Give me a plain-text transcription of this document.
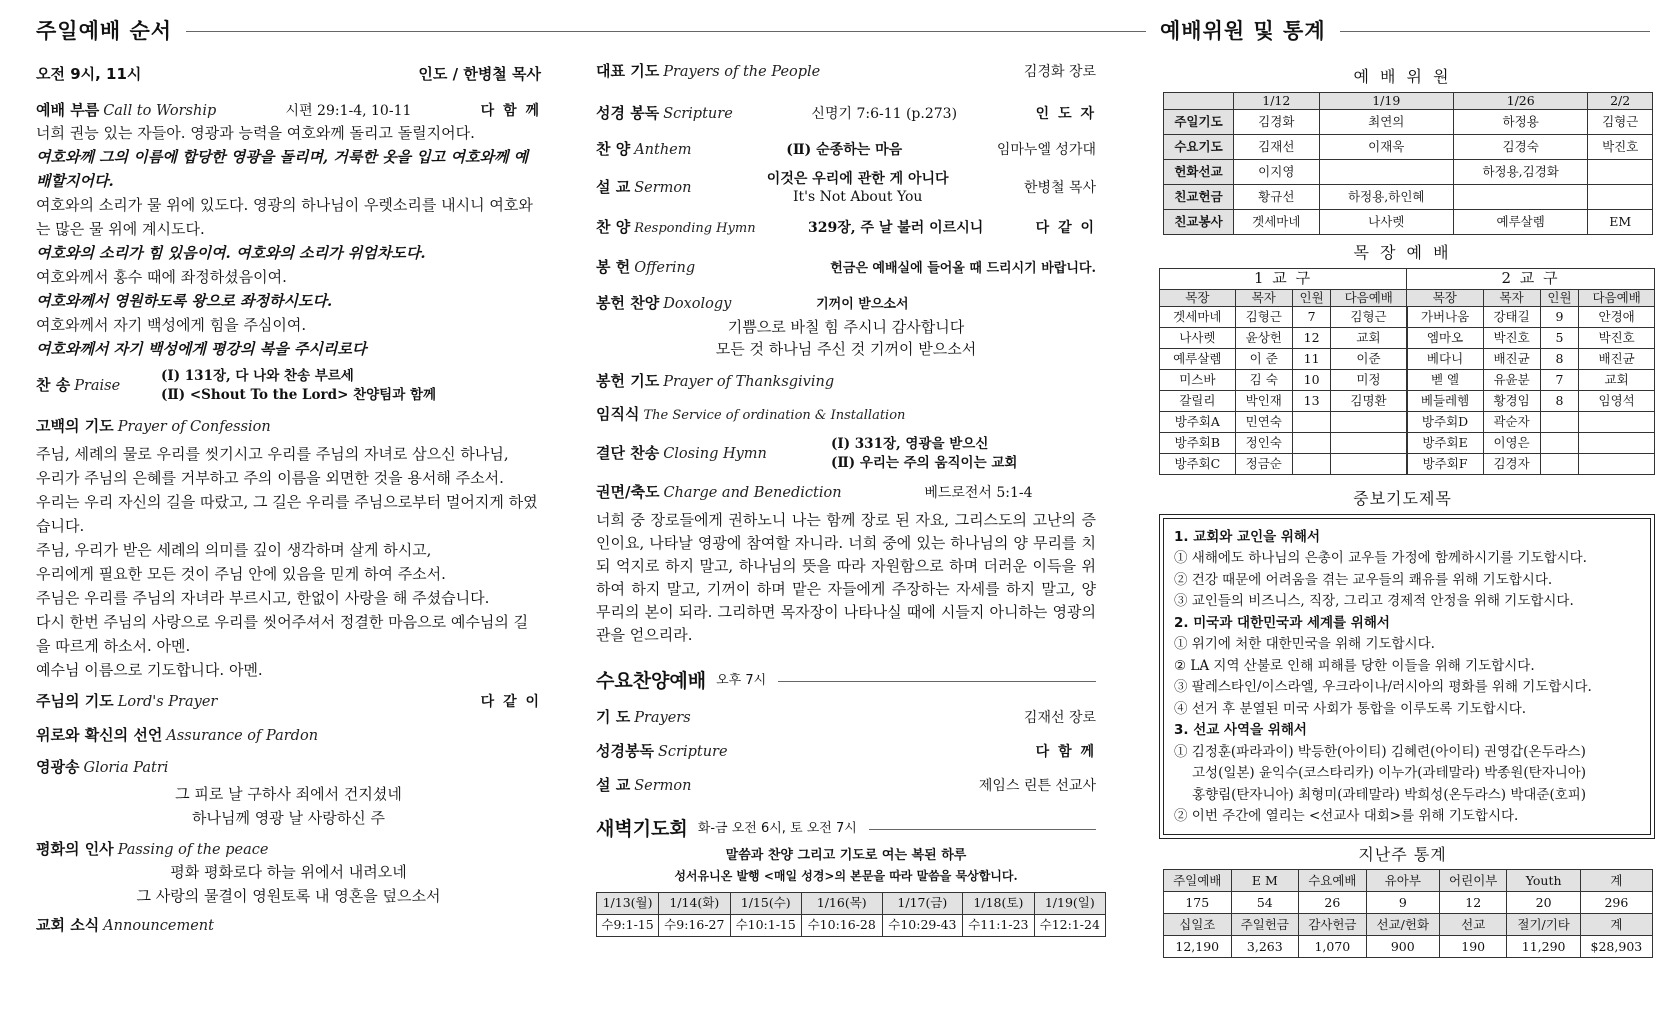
주일예배 순서
오전 9시, 11시	인도 / 한병철 목사
예배 부름 Call to Worship	시편 29:1-4, 10-11	다 함 께

너희 권능 있는 자들아. 영광과 능력을 여호와께 돌리고 돌릴지어다.

여호와께 그의 이름에 합당한 영광을 돌리며, 거룩한 옷을 입고 여호와께 예배할지어다.

여호와의 소리가 물 위에 있도다. 영광의 하나님이 우렛소리를 내시니 여호와는 많은 물 위에 계시도다.

여호와의 소리가 힘 있음이여. 여호와의 소리가 위엄차도다.

여호와께서 홍수 때에 좌정하셨음이여.

여호와께서 영원하도록 왕으로 좌정하시도다.

여호와께서 자기 백성에게 힘을 주심이여.

여호와께서 자기 백성에게 평강의 복을 주시리로다

찬 송 Praise
(Ⅰ) 131장, 다 나와 찬송 부르세
(Ⅱ) <Shout To the Lord> 찬양팀과 함께
고백의 기도 Prayer of Confession

주님, 세례의 물로 우리를 씻기시고 우리를 주님의 자녀로 삼으신 하나님,

우리가 주님의 은혜를 거부하고 주의 이름을 외면한 것을 용서해 주소서.

우리는 우리 자신의 길을 따랐고, 그 길은 우리를 주님으로부터 멀어지게 하였습니다.

주님, 우리가 받은 세례의 의미를 깊이 생각하며 살게 하시고,

우리에게 필요한 모든 것이 주님 안에 있음을 믿게 하여 주소서.

주님은 우리를 주님의 자녀라 부르시고, 한없이 사랑을 해 주셨습니다.

다시 한번 주님의 사랑으로 우리를 씻어주셔서 정결한 마음으로 예수님의 길을 따르게 하소서. 아멘.

예수님 이름으로 기도합니다. 아멘.

주님의 기도 Lord's Prayer	다 같 이
위로와 확신의 선언 Assurance of Pardon
영광송 Gloria Patri

그 피로 날 구하사 죄에서 건지셨네

하나님께 영광 날 사랑하신 주

평화의 인사 Passing of the peace

평화 평화로다 하늘 위에서 내려오네

그 사랑의 물결이 영원토록 내 영혼을 덮으소서

교회 소식 Announcement
대표 기도 Prayers of the People	김경화 장로
성경 봉독 Scripture	신명기 7:6-11 (p.273)	인 도 자
찬 양 Anthem	(Ⅱ) 순종하는 마음	임마누엘 성가대
설 교 Sermon
이것은 우리에 관한 게 아니다
It's Not About You
한병철 목사
찬 양 Responding Hymn	329장, 주 날 불러 이르시니	다 같 이
봉 헌 Offering	헌금은 예배실에 들어올 때 드리시기 바랍니다.
봉헌 찬양 Doxology	기꺼이 받으소서
기쁨으로 바칠 힘 주시니 감사합니다
모든 것 하나님 주신 것 기꺼이 받으소서
봉헌 기도 Prayer of Thanksgiving
임직식 The Service of ordination & Installation
결단 찬송 Closing Hymn
(Ⅰ) 331장, 영광을 받으신
(Ⅱ) 우리는 주의 움직이는 교회
권면/축도 Charge and Benediction	베드로전서 5:1-4

너희 중 장로들에게 권하노니 나는 함께 장로 된 자요, 그리스도의 고난의 증인이요, 나타날 영광에 참여할 자니라. 너희 중에 있는 하나님의 양 무리를 치되 억지로 하지 말고, 하나님의 뜻을 따라 자원함으로 하며 더러운 이득을 위하여 하지 말고, 기꺼이 하며 맡은 자들에게 주장하는 자세를 하지 말고, 양 무리의 본이 되라. 그리하면 목자장이 나타나실 때에 시들지 아니하는 영광의 관을 얻으리라.

수요찬양예배 오후 7시
기 도 Prayers	김재선 장로
성경봉독 Scripture	다 함 께
설 교 Sermon	제임스 린튼 선교사
새벽기도회 화-금 오전 6시, 토 오전 7시
말씀과 찬양 그리고 기도로 여는 복된 하루
성서유니온 발행 <매일 성경>의 본문을 따라 말씀을 묵상합니다.
1/13(월)	1/14(화)	1/15(수)	1/16(목)	1/17(금)	1/18(토)	1/19(일)
수9:1-15	수9:16-27	수10:1-15	수10:16-28	수10:29-43	수11:1-23	수12:1-24
예배위원 및 통계
예 배 위 원
	1/12	1/19	1/26	2/2
주일기도	김경화	최연의	하정용	김형근
수요기도	김재선	이재욱	김경숙	박진호
헌화선교	이지영		하정용,김경화	
친교헌금	황규선	하정용,하인혜		
친교봉사	겟세마네	나사렛	예루살렘	EM
목 장 예 배
1 교 구				2 교 구			
목장	목자	인원	다음예배	목장	목자	인원	다음예배
겟세마네	김형근	7	김형근	가버나움	강태길	9	안경애
나사렛	윤상헌	12	교회	엠마오	박진호	5	박진호
예루살렘	이 준	11	이준	베다니	배진균	8	배진균
미스바	김 숙	10	미정	벧 엘	유윤분	7	교회
갈릴리	박인재	13	김명환	베들레헴	황경임	8	임영석
방주회A	민연숙			방주회D	곽순자		
방주회B	정인숙			방주회E	이영은		
방주회C	정금순			방주회F	김경자		
중보기도제목
1. 교회와 교인을 위해서
① 새해에도 하나님의 은총이 교우들 가정에 함께하시기를 기도합시다.
② 건강 때문에 어려움을 겪는 교우들의 쾌유를 위해 기도합시다.
③ 교인들의 비즈니스, 직장, 그리고 경제적 안정을 위해 기도합시다.
2. 미국과 대한민국과 세계를 위해서
① 위기에 처한 대한민국을 위해 기도합시다.
② LA 지역 산불로 인해 피해를 당한 이들을 위해 기도합시다.
③ 팔레스타인/이스라엘, 우크라이나/러시아의 평화를 위해 기도합시다.
④ 선거 후 분열된 미국 사회가 통합을 이루도록 기도합시다.
3. 선교 사역을 위해서
① 김정훈(파라과이) 박등한(아이티) 김혜련(아이티) 권영갑(온두라스)
고성(일본) 윤익수(코스타리카) 이누가(과테말라) 박종원(탄자니아)
홍향림(탄자니아) 최형미(과테말라) 박희성(온두라스) 박대준(호피)
② 이번 주간에 열리는 <선교사 대회>를 위해 기도합시다.
지난주 통계
주일예배	E M	수요예배	유아부	어린이부	Youth	계
175	54	26	9	12	20	296
십일조	주일헌금	감사헌금	선교/헌화	선교	절기/기타	계
12,190	3,263	1,070	900	190	11,290	$28,903
